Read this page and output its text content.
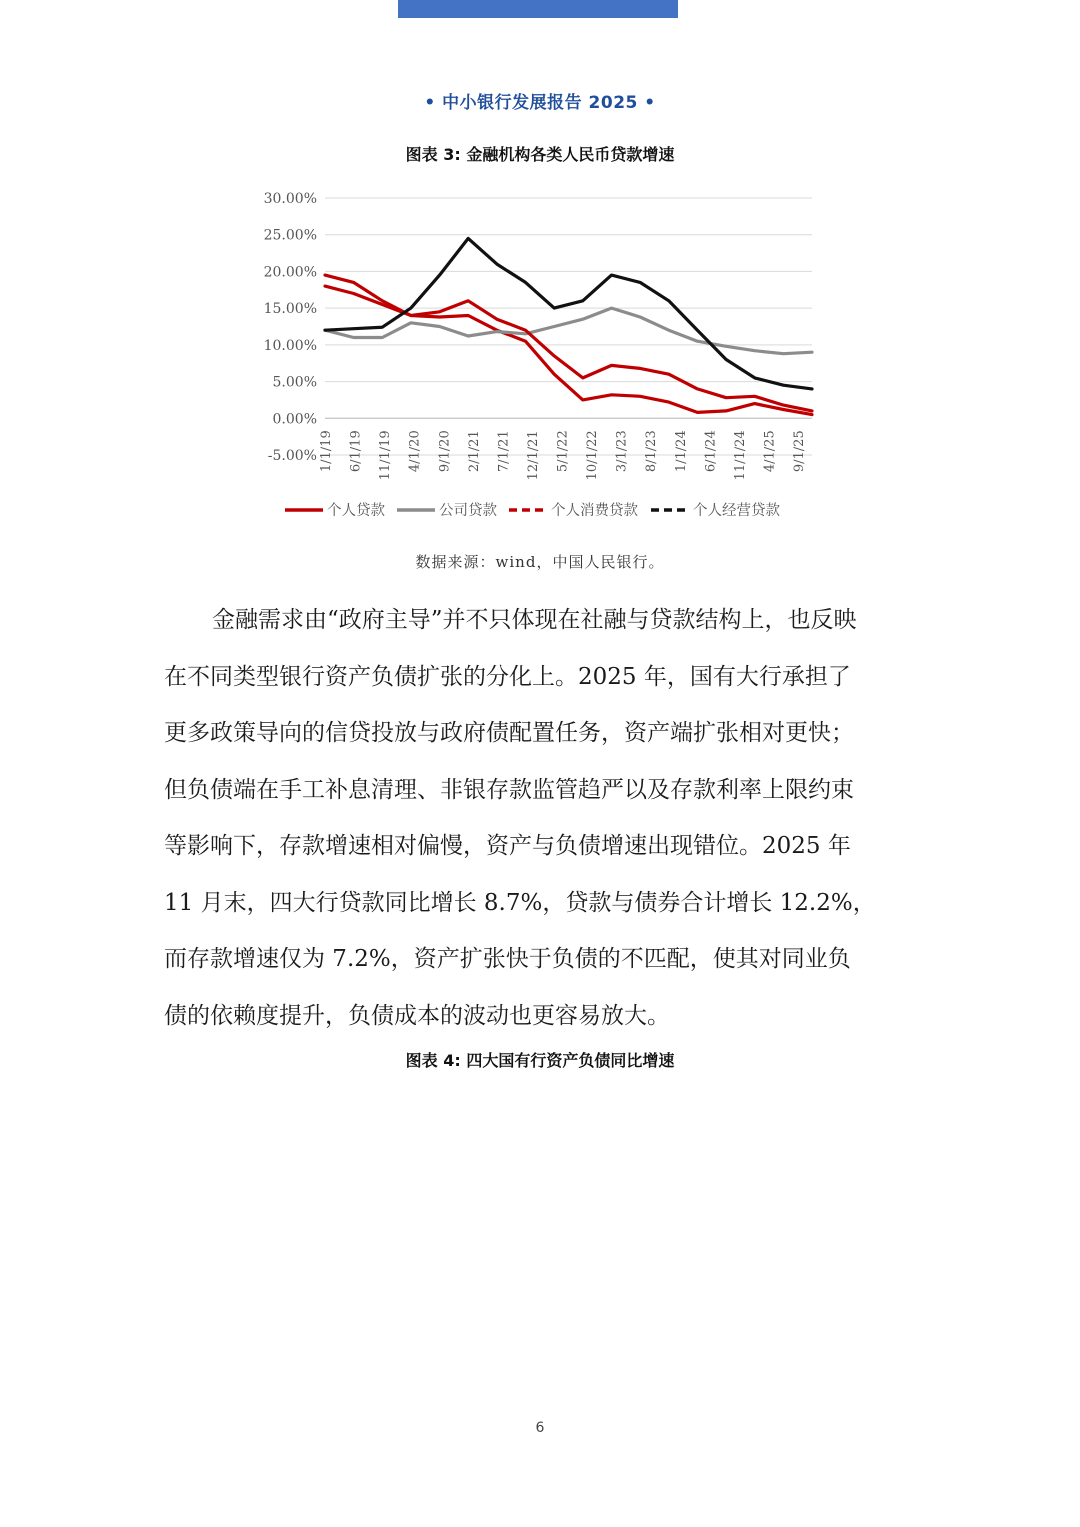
• 中小银行发展报告 2025 •
图表 3: 金融机构各类人民币贷款增速
30.00%
25.00%
20.00%
15.00%
10.00%
5.00%
0.00%
-5.00% 1/1/19 6/1/19 11/1/19 4/1/20 9/1/20 2/1/21 7/1/21 12/1/21 5/1/22 10/1/22 3/1/23 8/1/23 1/1/24 6/1/24 11/1/24 4/1/25 9/1/25
个人贷款	公司贷款	个人消费贷款	个人经营贷款
数据来源：wind，中国人民银行。
金融需求由“政府主导”并不只体现在社融与贷款结构上，也反映
在不同类型银行资产负债扩张的分化上。2025 年，国有大行承担了
更多政策导向的信贷投放与政府债配置任务，资产端扩张相对更快；
但负债端在手工补息清理、非银存款监管趋严以及存款利率上限约束
等影响下，存款增速相对偏慢，资产与负债增速出现错位。2025 年
11 月末，四大行贷款同比增长 8.7%，贷款与债券合计增长 12.2%，
而存款增速仅为 7.2%，资产扩张快于负债的不匹配，使其对同业负
债的依赖度提升，负债成本的波动也更容易放大。
图表 4: 四大国有行资产负债同比增速
6
